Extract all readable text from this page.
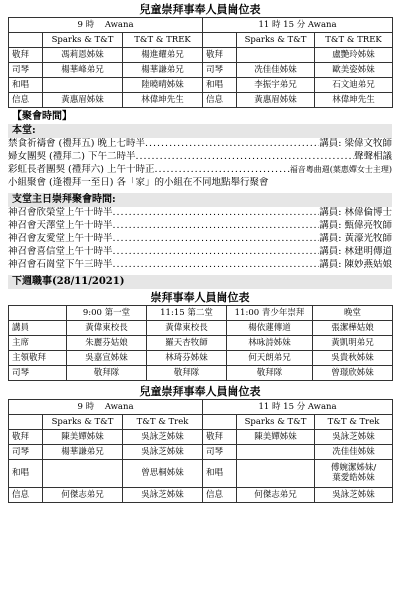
兒童崇拜事奉人員崗位表
9 時 Awana			11 時 15 分 Awana		
	Sparks & T&T	T&T & TREK		Sparks & T&T	T&T & TREK
敬拜	馮莉恩姊妹	楊進耀弟兄	敬拜		盧艷玲姊妹
司琴	楊華峰弟兄	楊華謙弟兄	司琴	冼佳佳姊妹	歐美姿姊妹
和唱		陸曉晴姊妹	和唱	李振宇弟兄	石文迪弟兄
信息	黃惠眉姊妹	林偉坤先生	信息	黃惠眉姊妹	林偉坤先生
【聚會時間】
本堂:
禁食祈禱會 (禮拜五) 晚上七時半 .....	講員: 梁偉文牧師
婦女團契 (禮拜二) 下午二時半 .....	聲聲相議
彩虹長者團契 (禮拜六) 上午十時正 .....	福音粵曲週(葉惠嬋女士主理)
小組聚會 (逢禮拜一至日) 各「家」的小組在不同地點舉行聚會
支堂主日崇拜聚會時間:
神召會欣榮堂上午十時半 .....	講員: 林偉倫博士
神召會天澤堂上午十時半 .....	講員: 甄偉亮牧師
神召會友愛堂上午十時半 .....	講員: 黃濠光牧師
神召會喜信堂上午十時半 .....	講員: 林建明傳道
神召會石崗堂下午三時半 .....	講員: 陳妙燕姑娘
下週職事(28/11/2021)
崇拜事奉人員崗位表
	9:00 第一堂	11:15 第二堂	11:00 青少年崇拜	晚堂
講員	黃偉東校長	黃偉東校長	楊依蓮傳道	張潔樺姑娘
主席	朱麗芬姑娘	羅天杏牧師	林咏詩姊妹	黃凱明弟兄
主領敬拜	吳嘉宣姊妹	林琦芬姊妹	何天朗弟兄	吳貴秋姊妹
司琴	敬拜隊	敬拜隊	敬拜隊	曾璟欣姊妹
兒童崇拜事奉人員崗位表
9 時 Awana			11 時 15 分 Awana		
	Sparks & T&T	T&T & Trek		Sparks & T&T	T&T & Trek
敬拜	陳美嬋姊妹	吳詠芝姊妹	敬拜	陳美嬋姊妹	吳詠芝姊妹
司琴	楊華謙弟兄	吳詠芝姊妹	司琴		冼佳佳姊妹
和唱		曾思桐姊妹	和唱		傅婉潔姊妹/
葉愛皓姊妹
信息	何傑志弟兄	吳詠芝姊妹	信息	何傑志弟兄	吳詠芝姊妹
